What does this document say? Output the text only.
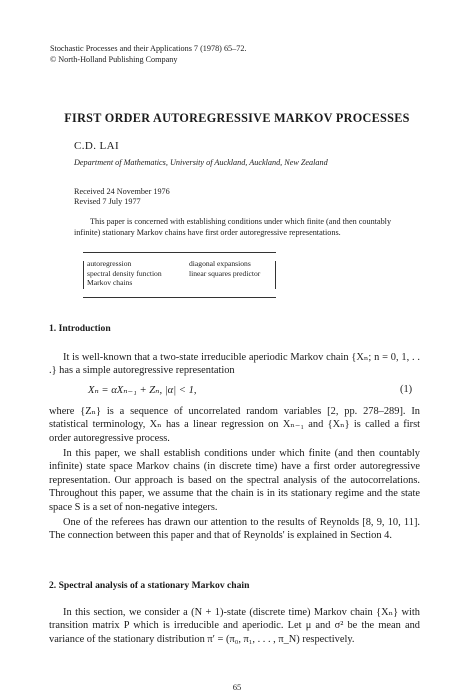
Stochastic Processes and their Applications 7 (1978) 65–72.
© North-Holland Publishing Company
FIRST ORDER AUTOREGRESSIVE MARKOV PROCESSES
C.D. LAI
Department of Mathematics, University of Auckland, Auckland, New Zealand
Received 24 November 1976
Revised 7 July 1977
This paper is concerned with establishing conditions under which finite (and then countably infinite) stationary Markov chains have first order autoregressive representations.
autoregression
spectral density function
Markov chains
diagonal expansions
linear squares predictor
1. Introduction
It is well-known that a two-state irreducible aperiodic Markov chain {Xₙ; n = 0, 1, . . .} has a simple autoregressive representation
Xₙ = αXₙ₋₁ + Zₙ, |α| < 1,	(1)
where {Zₙ} is a sequence of uncorrelated random variables [2, pp. 278–289]. In statistical terminology, Xₙ has a linear regression on Xₙ₋₁ and {Xₙ} is called a first order autoregressive process.
In this paper, we shall establish conditions under which finite (and then countably infinite) state space Markov chains (in discrete time) have a first order autoregressive representation. Our approach is based on the spectral analysis of the autocorrelations. Throughout this paper, we assume that the chain is in its stationary regime and the state space S is a set of non-negative integers.
One of the referees has drawn our attention to the results of Reynolds [8, 9, 10, 11]. The connection between this paper and that of Reynolds' is explained in Section 4.
2. Spectral analysis of a stationary Markov chain
In this section, we consider a (N + 1)-state (discrete time) Markov chain {Xₙ} with transition matrix P which is irreducible and aperiodic. Let μ and σ² be the mean and variance of the stationary distribution π′ = (π₀, π₁, . . . , π_N) respectively.
65
